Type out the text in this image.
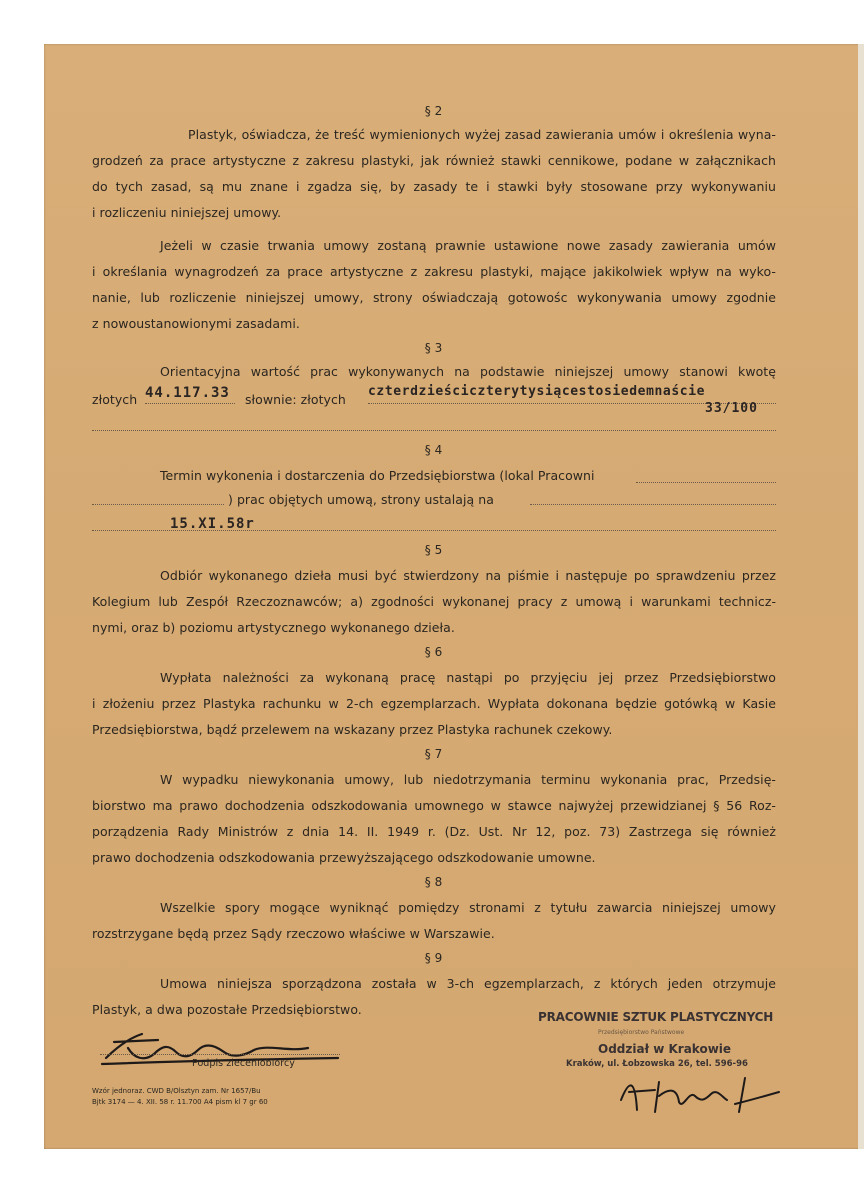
§ 2
Plastyk, oświadcza, że treść wymienionych wyżej zasad zawierania umów i określenia wyna-
grodzeń za prace artystyczne z zakresu plastyki, jak również stawki cennikowe, podane w załącznikach
do tych zasad, są mu znane i zgadza się, by zasady te i stawki były stosowane przy wykonywaniu
i rozliczeniu niniejszej umowy.
Jeżeli w czasie trwania umowy zostaną prawnie ustawione nowe zasady zawierania umów
i określania wynagrodzeń za prace artystyczne z zakresu plastyki, mające jakikolwiek wpływ na wyko-
nanie, lub rozliczenie niniejszej umowy, strony oświadczają gotowośc wykonywania umowy zgodnie
z nowoustanowionymi zasadami.
§ 3
Orientacyjna wartość prac wykonywanych na podstawie niniejszej umowy stanowi kwotę
złotych 44.117.33 słownie: złotych
czterdzieściczterytysiącestosiedemnaście
33/100
§ 4
Termin wykonenia i dostarczenia do Przedsiębiorstwa (lokal Pracowni
) prac objętych umową, strony ustalają na
15.XI.58r
§ 5
Odbiór wykonanego dzieła musi być stwierdzony na piśmie i następuje po sprawdzeniu przez
Kolegium lub Zespół Rzeczoznawców; a) zgodności wykonanej pracy z umową i warunkami technicz-
nymi, oraz b) poziomu artystycznego wykonanego dzieła.
§ 6
Wypłata należności za wykonaną pracę nastąpi po przyjęciu jej przez Przedsiębiorstwo
i złożeniu przez Plastyka rachunku w 2-ch egzemplarzach. Wypłata dokonana będzie gotówką w Kasie
Przedsiębiorstwa, bądź przelewem na wskazany przez Plastyka rachunek czekowy.
§ 7
W wypadku niewykonania umowy, lub niedotrzymania terminu wykonania prac, Przedsię-
biorstwo ma prawo dochodzenia odszkodowania umownego w stawce najwyżej przewidzianej § 56 Roz-
porządzenia Rady Ministrów z dnia 14. II. 1949 r. (Dz. Ust. Nr 12, poz. 73) Zastrzega się również
prawo dochodzenia odszkodowania przewyższającego odszkodowanie umowne.
§ 8
Wszelkie spory mogące wyniknąć pomiędzy stronami z tytułu zawarcia niniejszej umowy
rozstrzygane będą przez Sądy rzeczowo właściwe w Warszawie.
§ 9
Umowa niniejsza sporządzona została w 3-ch egzemplarzach, z których jeden otrzymuje
Plastyk, a dwa pozostałe Przedsiębiorstwo.
Podpis zleceniobiorcy
Wzór jednoraz. CWD B/Olsztyn zam. Nr 1657/Bu
Bjtk 3174 — 4. XII. 58 r. 11.700 A4 pism kl 7 gr 60
PRACOWNIE SZTUK PLASTYCZNYCH
Przedsiębiorstwo Państwowe
Oddział w Krakowie
Kraków, ul. Łobzowska 26, tel. 596-96
